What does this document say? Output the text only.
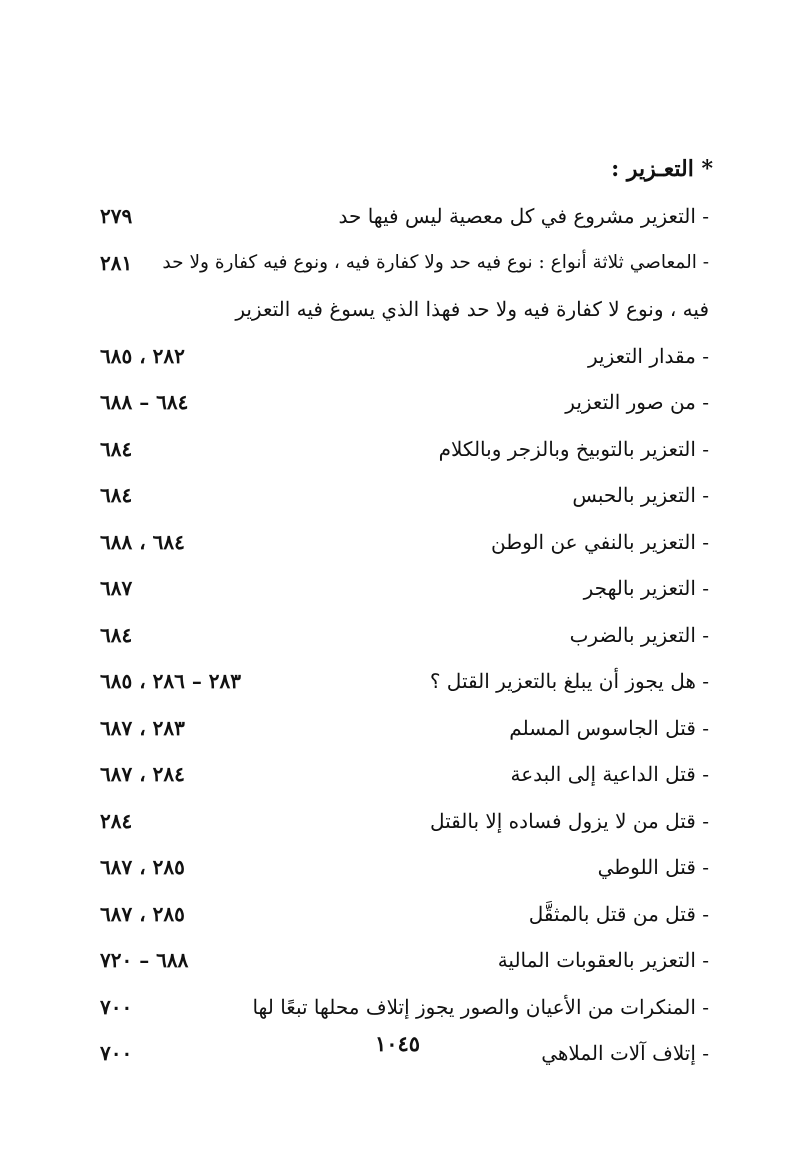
* التعـزير :
- التعزير مشروع في كل معصية ليس فيها حد
٢٧٩
- المعاصي ثلاثة أنواع : نوع فيه حد ولا كفارة فيه ، ونوع فيه كفارة ولا حد
٢٨١
فيه ، ونوع لا كفارة فيه ولا حد فهذا الذي يسوغ فيه التعزير
- مقدار التعزير
٢٨٢ ، ٦٨٥
- من صور التعزير
٦٨٤ – ٦٨٨
- التعزير بالتوبيخ وبالزجر وبالكلام
٦٨٤
- التعزير بالحبس
٦٨٤
- التعزير بالنفي عن الوطن
٦٨٤ ، ٦٨٨
- التعزير بالهجر
٦٨٧
- التعزير بالضرب
٦٨٤
- هل يجوز أن يبلغ بالتعزير القتل ؟
٢٨٣ – ٢٨٦ ، ٦٨٥
- قتل الجاسوس المسلم
٢٨٣ ، ٦٨٧
- قتل الداعية إلى البدعة
٢٨٤ ، ٦٨٧
- قتل من لا يزول فساده إلا بالقتل
٢٨٤
- قتل اللوطي
٢٨٥ ، ٦٨٧
- قتل من قتل بالمثقَّل
٢٨٥ ، ٦٨٧
- التعزير بالعقوبات المالية
٦٨٨ – ٧٢٠
- المنكرات من الأعيان والصور يجوز إتلاف محلها تبعًا لها
٧٠٠
- إتلاف آلات الملاهي
٧٠٠	١٠٤٥
